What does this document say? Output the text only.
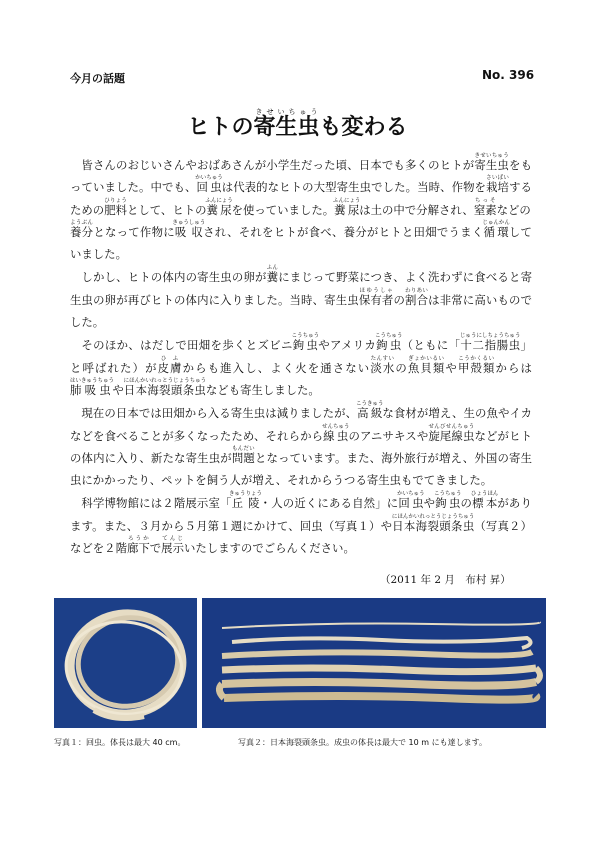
今月の話題	No. 396
ヒトの寄生虫きせいちゅうも変わる

皆さんのおじいさんやおばあさんが小学生だった頃、日本でも多くのヒトが寄生虫きせいちゅうをもっていました。中でも、回虫かいちゅうは代表的なヒトの大型寄生虫でした。当時、作物を栽培さいばいするための肥料ひりょうとして、ヒトの糞尿ふんにょうを使っていました。糞尿ふんにょうは土の中で分解され、窒素ちっそなどの養分ようぶんとなって作物に吸収きゅうしゅうされ、それをヒトが食べ、養分がヒトと田畑でうまく循環じゅんかんしていました。

しかし、ヒトの体内の寄生虫の卵が糞ふんにまじって野菜につき、よく洗わずに食べると寄生虫の卵が再びヒトの体内に入りました。当時、寄生虫保有者ほゆうしゃの割合わりあいは非常に高いものでした。

そのほか、はだしで田畑を歩くとズビニ鉤虫こうちゅうやアメリカ鉤虫こうちゅう（ともに「十二指腸虫じゅうにしちょうちゅう」と呼ばれた）が皮膚ひふからも進入し、よく火を通さない淡水たんすいの魚貝類ぎょかいるいや甲殻類こうかくるいからは肺吸虫はいきゅうちゅうや日本海裂頭条虫にほんかいれっとうじょうちゅうなども寄生しました。

現在の日本では田畑から入る寄生虫は減りましたが、高級こうきゅうな食材が増え、生の魚やイカなどを食べることが多くなったため、それらから線虫せんちゅうのアニサキスや旋尾線虫せんびせんちゅうなどがヒトの体内に入り、新たな寄生虫が問題もんだいとなっています。また、海外旅行が増え、外国の寄生虫にかかったり、ペットを飼う人が増え、それからうつる寄生虫もでてきました。

科学博物館には２階展示室「丘陵きゅうりょう・人の近くにある自然」に回虫かいちゅうや鉤虫こうちゅうの標本ひょうほんがあります。また、３月から５月第１週にかけて、回虫（写真１）や日本海裂頭条虫にほんかいれっとうじょうちゅう（写真２）などを２階廊下ろうかで展示てんじいたしますのでごらんください。

（2011 年 2 月　布村 昇）
写真１：回虫。体長は最大 40 cm。	写真２：日本海裂頭条虫。成虫の体長は最大で 10 m にも達します。
